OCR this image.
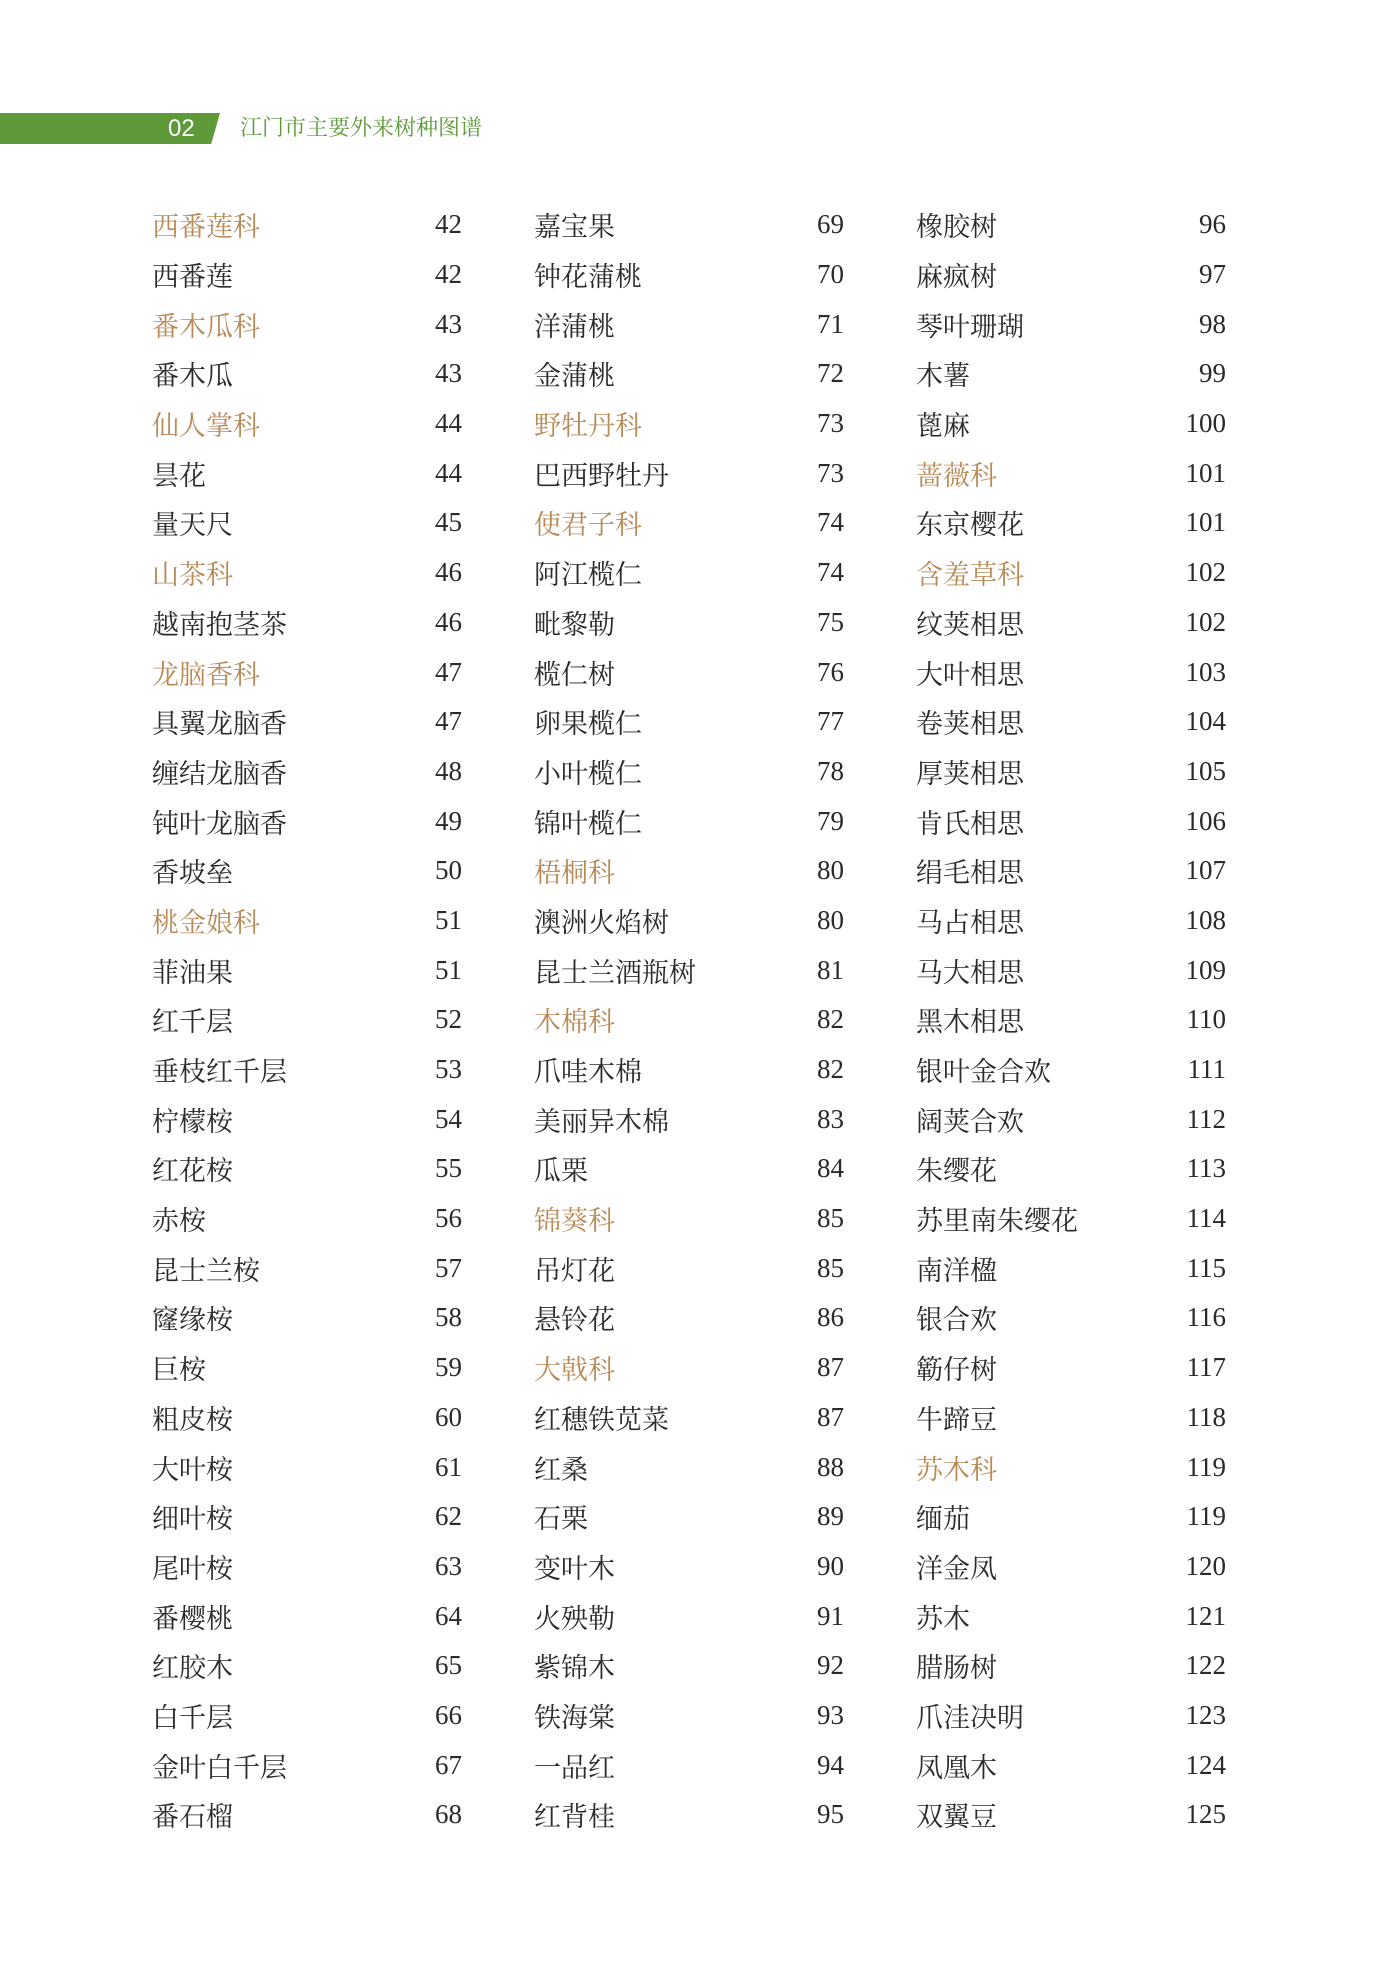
02 江门市主要外来树种图谱
西番莲科	42
西番莲	42
番木瓜科	43
番木瓜	43
仙人掌科	44
昙花	44
量天尺	45
山茶科	46
越南抱茎茶	46
龙脑香科	47
具翼龙脑香	47
缠结龙脑香	48
钝叶龙脑香	49
香坡垒	50
桃金娘科	51
菲油果	51
红千层	52
垂枝红千层	53
柠檬桉	54
红花桉	55
赤桉	56
昆士兰桉	57
窿缘桉	58
巨桉	59
粗皮桉	60
大叶桉	61
细叶桉	62
尾叶桉	63
番樱桃	64
红胶木	65
白千层	66
金叶白千层	67
番石榴	68
嘉宝果	69
钟花蒲桃	70
洋蒲桃	71
金蒲桃	72
野牡丹科	73
巴西野牡丹	73
使君子科	74
阿江榄仁	74
毗黎勒	75
榄仁树	76
卵果榄仁	77
小叶榄仁	78
锦叶榄仁	79
梧桐科	80
澳洲火焰树	80
昆士兰酒瓶树	81
木棉科	82
爪哇木棉	82
美丽异木棉	83
瓜栗	84
锦葵科	85
吊灯花	85
悬铃花	86
大戟科	87
红穗铁苋菜	87
红桑	88
石栗	89
变叶木	90
火殃勒	91
紫锦木	92
铁海棠	93
一品红	94
红背桂	95
橡胶树	96
麻疯树	97
琴叶珊瑚	98
木薯	99
蓖麻	100
蔷薇科	101
东京樱花	101
含羞草科	102
纹荚相思	102
大叶相思	103
卷荚相思	104
厚荚相思	105
肯氏相思	106
绢毛相思	107
马占相思	108
马大相思	109
黑木相思	110
银叶金合欢	111
阔荚合欢	112
朱缨花	113
苏里南朱缨花	114
南洋楹	115
银合欢	116
簕仔树	117
牛蹄豆	118
苏木科	119
缅茄	119
洋金凤	120
苏木	121
腊肠树	122
爪洼决明	123
凤凰木	124
双翼豆	125
